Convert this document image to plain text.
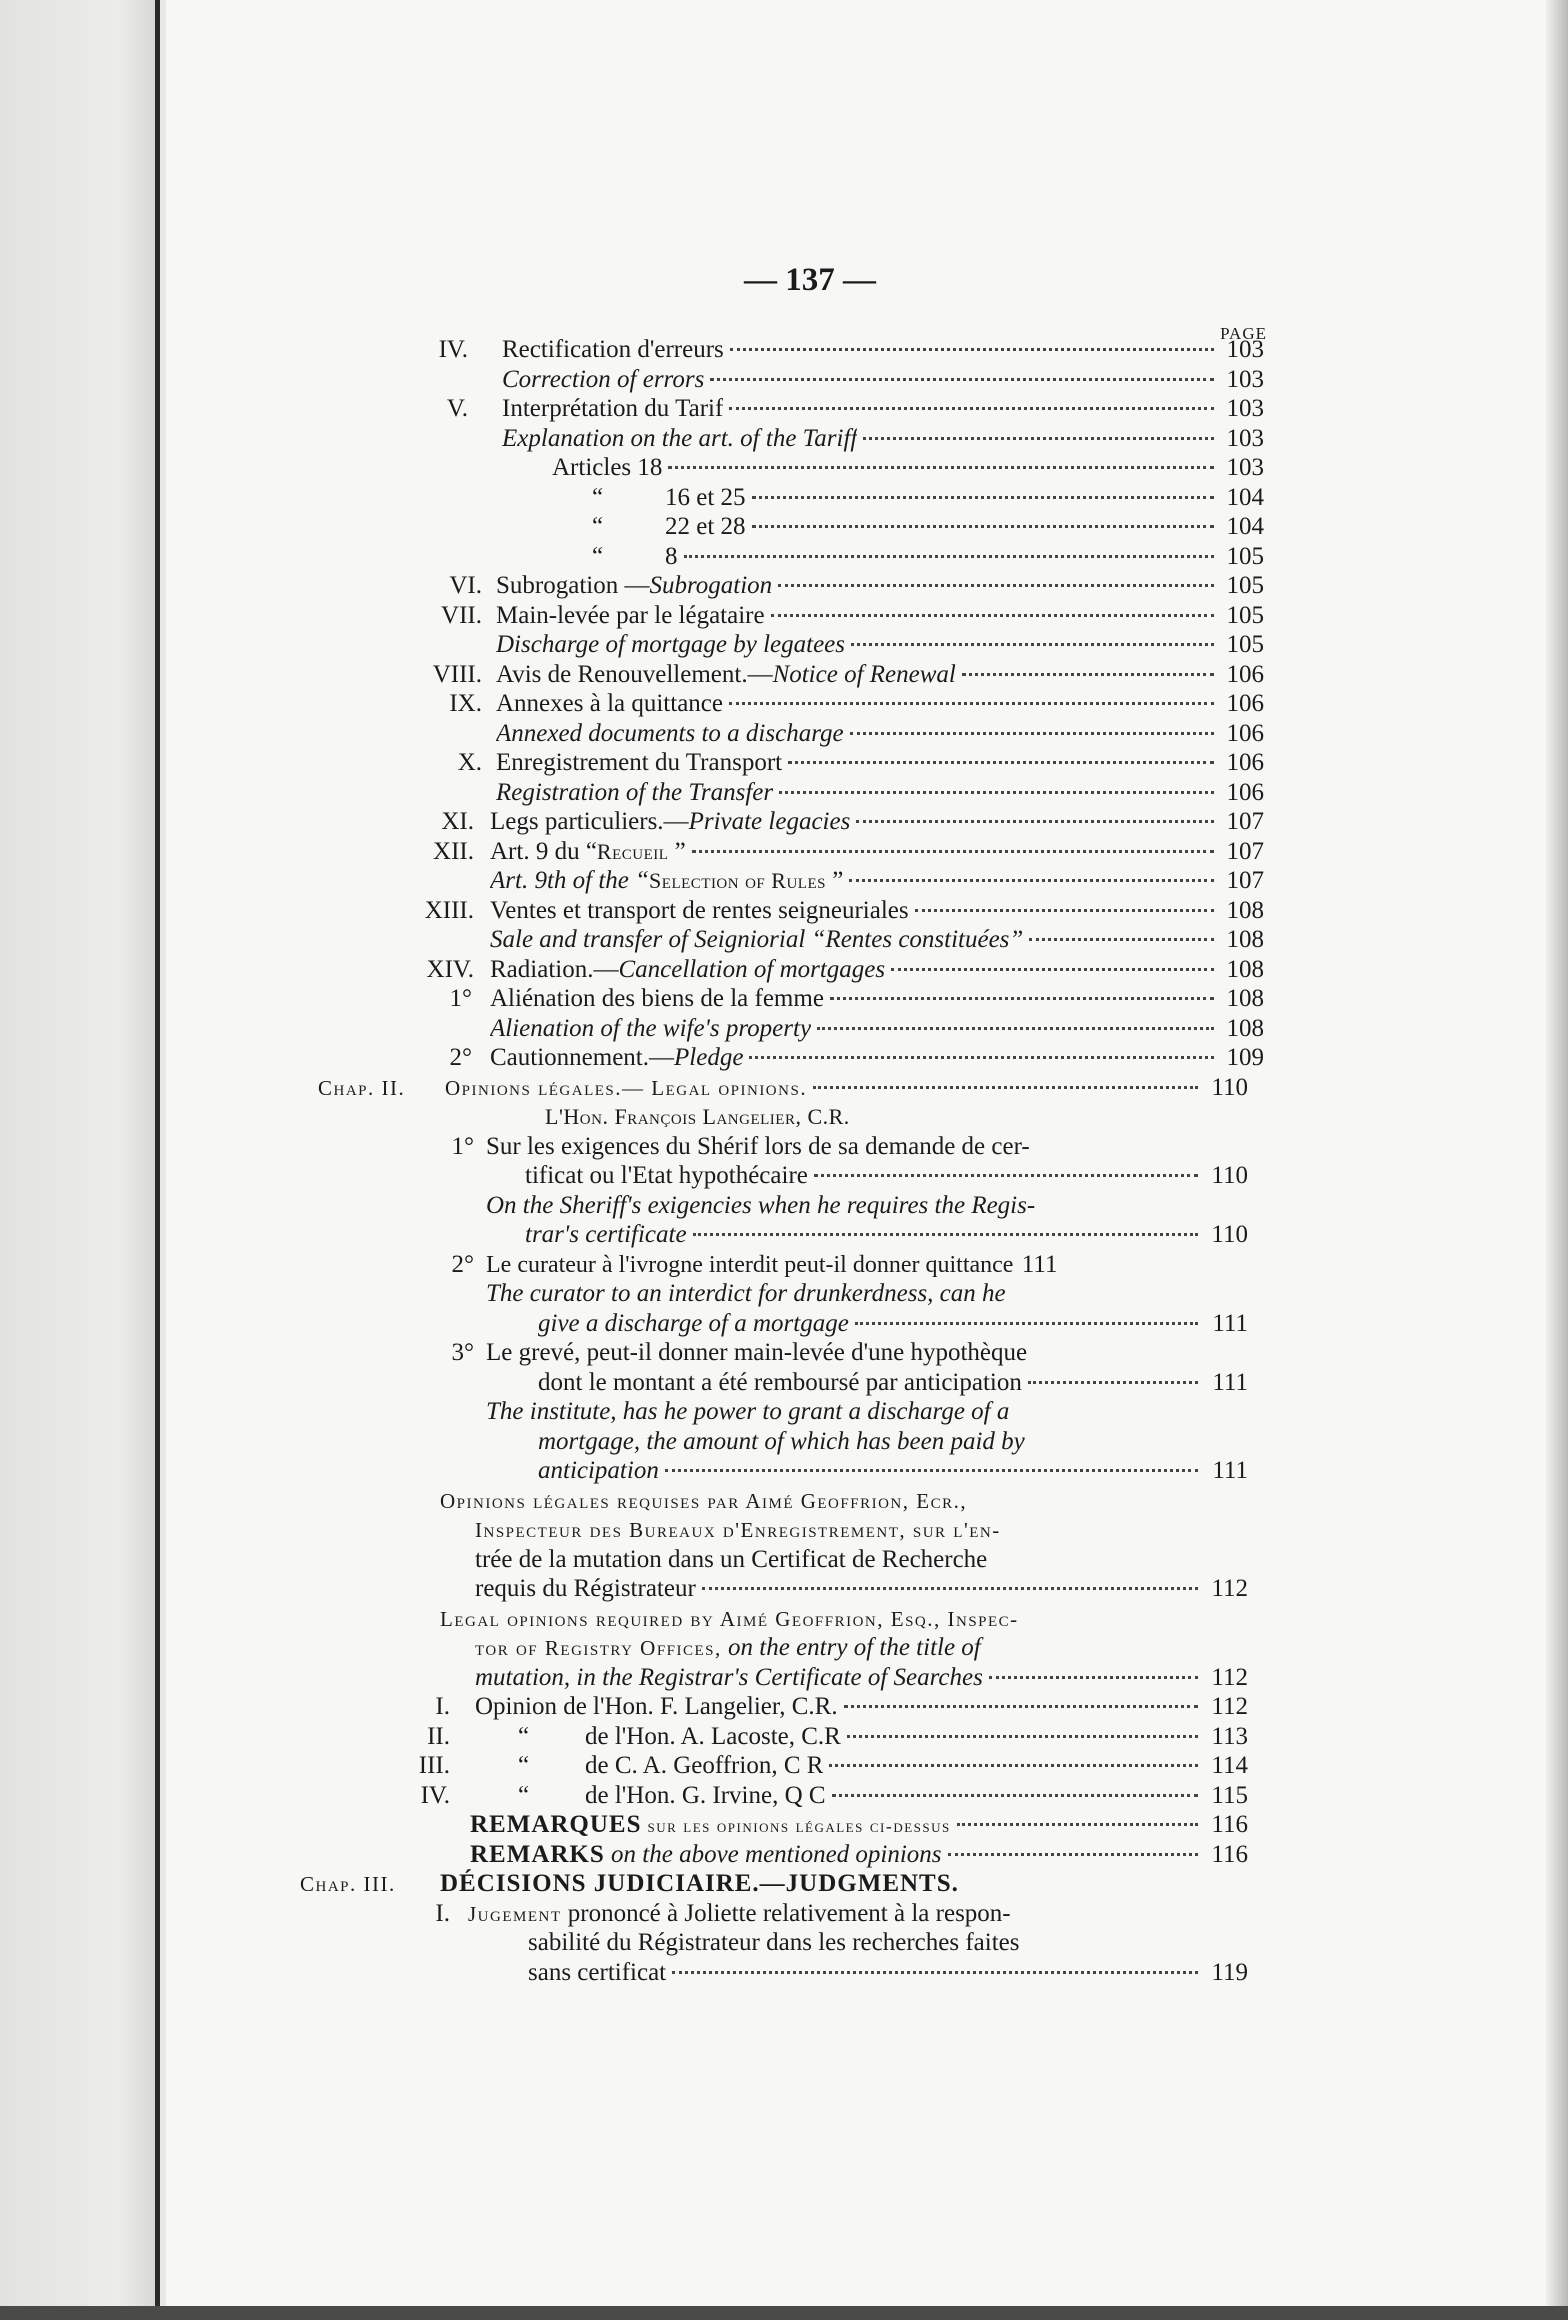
— 137 —
PAGE
IV. Rectification d'erreurs	103
Correction of errors	103
V. Interprétation du Tarif	103
Explanation on the art. of the Tariff	103
Articles 18	103
“ 16 et 25	104
“ 22 et 28	104
“ 8	105
VI. Subrogation —Subrogation	105
VII. Main-levée par le légataire	105
Discharge of mortgage by legatees	105
VIII. Avis de Renouvellement.—Notice of Renewal	106
IX. Annexes à la quittance	106
Annexed documents to a discharge	106
X. Enregistrement du Transport	106
Registration of the Transfer	106
XI. Legs particuliers.—Private legacies	107
XII. Art. 9 du “Recueil ”	107
Art. 9th of the “Selection of Rules ”	107
XIII. Ventes et transport de rentes seigneuriales	108
Sale and transfer of Seigniorial “Rentes constituées”	108
XIV. Radiation.—Cancellation of mortgages	108
1° Aliénation des biens de la femme	108
Alienation of the wife's property	108
2° Cautionnement.—Pledge	109
Chap. II. Opinions légales.— Legal opinions.	110
L'Hon. François Langelier, C.R.
1° Sur les exigences du Shérif lors de sa demande de cer-
tificat ou l'Etat hypothécaire	110
On the Sheriff's exigencies when he requires the Regis-
trar's certificate	110
2° Le curateur à l'ivrogne interdit peut-il donner quittance 111
The curator to an interdict for drunkerdness, can he
give a discharge of a mortgage	111
3° Le grevé, peut-il donner main-levée d'une hypothèque
dont le montant a été remboursé par anticipation	111
The institute, has he power to grant a discharge of a
mortgage, the amount of which has been paid by
anticipation	111
Opinions légales requises par Aimé Geoffrion, Ecr.,
Inspecteur des Bureaux d'Enregistrement, sur l'en-
trée de la mutation dans un Certificat de Recherche
requis du Régistrateur	112
Legal opinions required by Aimé Geoffrion, Esq., Inspec-
tor of Registry Offices, on the entry of the title of
mutation, in the Registrar's Certificate of Searches	112
I. Opinion de l'Hon. F. Langelier, C.R.	112
II.	“ de l'Hon. A. Lacoste, C.R	113
III.	“ de C. A. Geoffrion, C R	114
IV.	“ de l'Hon. G. Irvine, Q C	115
REMARQUES sur les opinions légales ci-dessus	116
REMARKS on the above mentioned opinions	116
Chap. III. DÉCISIONS JUDICIAIRE.—JUDGMENTS.
I. Jugement prononcé à Joliette relativement à la respon-
sabilité du Régistrateur dans les recherches faites
sans certificat	119
